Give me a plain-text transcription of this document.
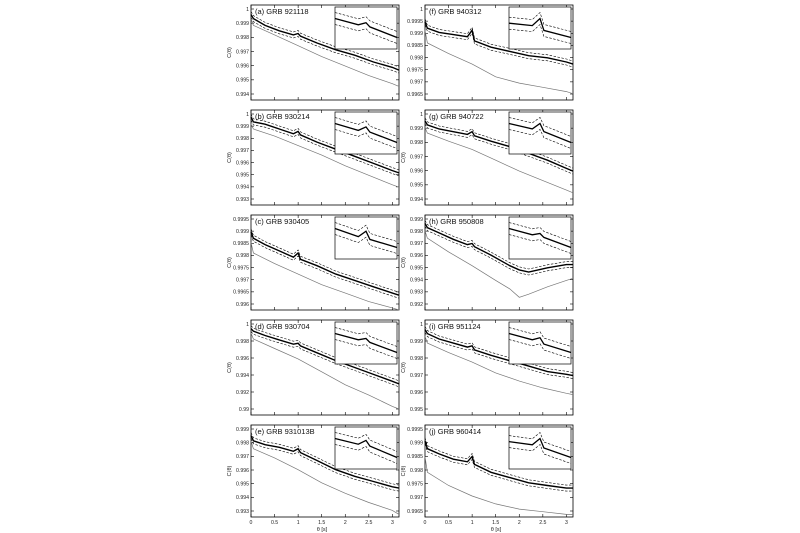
(a) GRB 921118
1
0.999
0.998
0.997
0.996
0.995
0.994
C(θ)
(b) GRB 930214
1
0.999
0.998
0.997
0.996
0.995
0.994
0.993
C(θ)
(c) GRB 930405
0.9995
0.999
0.9985
0.998
0.9975
0.997
0.9965
0.996
C(θ)
(d) GRB 930704
1
0.998
0.996
0.994
0.992
0.99
C(θ)
(e) GRB 931013B
0.999
0.998
0.997
0.996
0.995
0.994
0.993
C(θ)
0	0.5	1	1.5	2	2.5	3
(f) GRB 940312
1
0.9995
0.999
0.9985
0.998
0.9975
0.997
0.9965
(g) GRB 940722
1
0.999
0.998
0.997
0.996
0.995
0.994
C(θ)
(h) GRB 950808
0.999
0.998
0.997
0.996
0.995
0.994
0.993
0.992
C(θ)
(i) GRB 951124
1
0.999
0.998
0.997
0.996
0.995
C(θ)
(j) GRB 960414
0.9995
0.999
0.9985
0.998
0.9975
0.997
0.9965
C(θ)
0	0.5	1	1.5	2	2.5	3
θ [s]	θ [s]
